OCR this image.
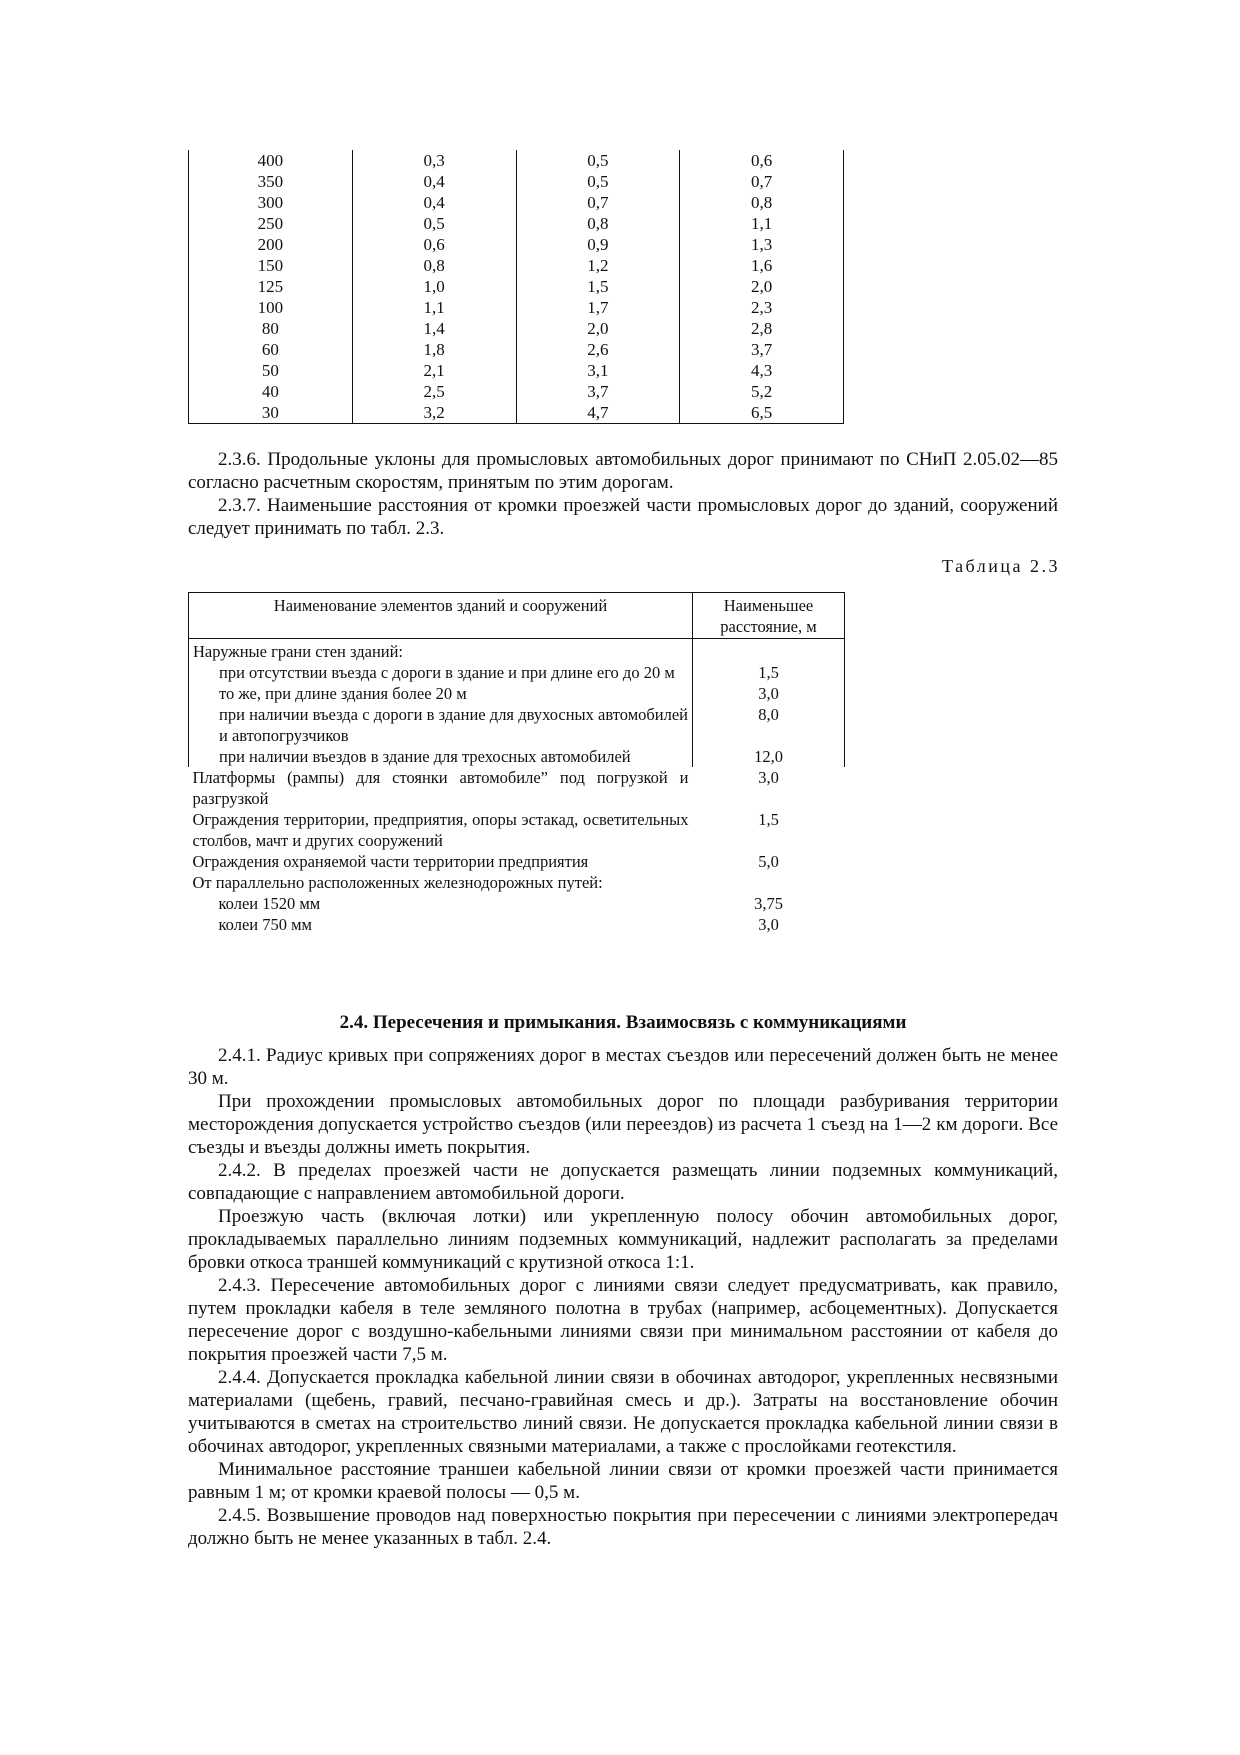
400	0,3	0,5	0,6
350	0,4	0,5	0,7
300	0,4	0,7	0,8
250	0,5	0,8	1,1
200	0,6	0,9	1,3
150	0,8	1,2	1,6
125	1,0	1,5	2,0
100	1,1	1,7	2,3
80	1,4	2,0	2,8
60	1,8	2,6	3,7
50	2,1	3,1	4,3
40	2,5	3,7	5,2
30	3,2	4,7	6,5

2.3.6. Продольные уклоны для промысловых автомобильных дорог принимают по СНиП 2.05.02—85 согласно расчетным скоростям, принятым по этим дорогам.

2.3.7. Наименьшие расстояния от кромки проезжей части промысловых дорог до зданий, сооружений следует принимать по табл. 2.3.

Таблица 2.3
Наименование элементов зданий и сооружений	Наименьшее расстояние, м
Наружные грани стен зданий:	
при отсутствии въезда с дороги в здание и при длине его до 20 м	1,5
то же, при длине здания более 20 м	3,0
при наличии въезда с дороги в здание для двухосных автомобилей и автопогрузчиков	8,0
при наличии въездов в здание для трехосных автомобилей	12,0
Платформы (рампы) для стоянки автомобиле” под погрузкой и разгрузкой	3,0
Ограждения территории, предприятия, опоры эстакад, осветительных столбов, мачт и других сооружений	1,5
Ограждения охраняемой части территории предприятия	5,0
От параллельно расположенных железнодорожных путей:	
колеи 1520 мм	3,75
колеи 750 мм	3,0
2.4. Пересечения и примыкания. Взаимосвязь с коммуникациями

2.4.1. Радиус кривых при сопряжениях дорог в местах съездов или пересечений должен быть не менее 30 м.

При прохождении промысловых автомобильных дорог по площади разбуривания территории месторождения допускается устройство съездов (или переездов) из расчета 1 съезд на 1—2 км дороги. Все съезды и въезды должны иметь покрытия.

2.4.2. В пределах проезжей части не допускается размещать линии подземных коммуникаций, совпадающие с направлением автомобильной дороги.

Проезжую часть (включая лотки) или укрепленную полосу обочин автомобильных дорог, прокладываемых параллельно линиям подземных коммуникаций, надлежит располагать за пределами бровки откоса траншей коммуникаций с крутизной откоса 1:1.

2.4.3. Пересечение автомобильных дорог с линиями связи следует предусматривать, как правило, путем прокладки кабеля в теле земляного полотна в трубах (например, асбоцементных). Допускается пересечение дорог с воздушно-кабельными линиями связи при минимальном расстоянии от кабеля до покрытия проезжей части 7,5 м.

2.4.4. Допускается прокладка кабельной линии связи в обочинах автодорог, укрепленных несвязными материалами (щебень, гравий, песчано-гравийная смесь и др.). Затраты на восстановление обочин учитываются в сметах на строительство линий связи. Не допускается прокладка кабельной линии связи в обочинах автодорог, укрепленных связными материалами, а также с прослойками геотекстиля.

Минимальное расстояние траншеи кабельной линии связи от кромки проезжей части принимается равным 1 м; от кромки краевой полосы — 0,5 м.

2.4.5. Возвышение проводов над поверхностью покрытия при пересечении с линиями электропередач должно быть не менее указанных в табл. 2.4.
